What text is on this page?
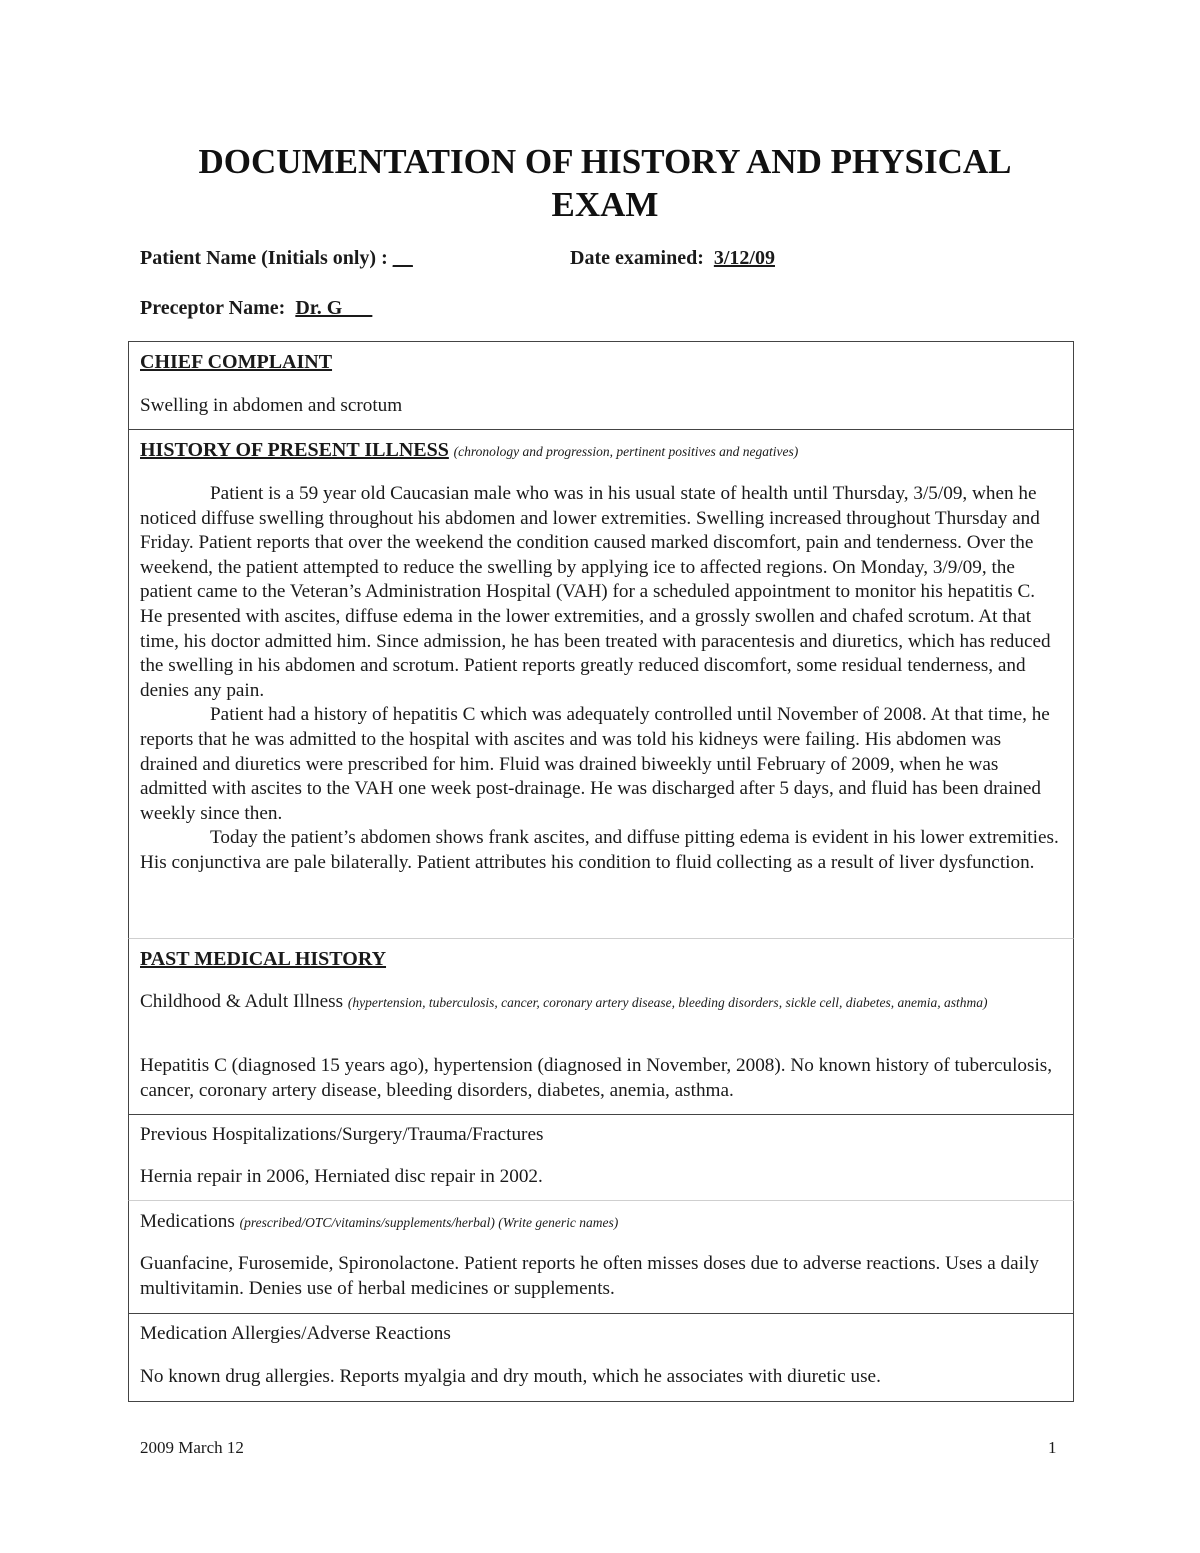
DOCUMENTATION OF HISTORY AND PHYSICAL EXAM
Patient Name (Initials only) : __	Date examined:  3/12/09
Preceptor Name:  Dr. G
CHIEF COMPLAINT
Swelling in abdomen and scrotum
HISTORY OF PRESENT ILLNESS (chronology and progression, pertinent positives and negatives)

Patient is a 59 year old Caucasian male who was in his usual state of health until Thursday, 3/5/09, when he noticed diffuse swelling throughout his abdomen and lower extremities. Swelling increased throughout Thursday and Friday. Patient reports that over the weekend the condition caused marked discomfort, pain and tenderness. Over the weekend, the patient attempted to reduce the swelling by applying ice to affected regions. On Monday, 3/9/09, the patient came to the Veteran’s Administration Hospital (VAH) for a scheduled appointment to monitor his hepatitis C. He presented with ascites, diffuse edema in the lower extremities, and a grossly swollen and chafed scrotum. At that time, his doctor admitted him. Since admission, he has been treated with paracentesis and diuretics, which has reduced the swelling in his abdomen and scrotum. Patient reports greatly reduced discomfort, some residual tenderness, and denies any pain.

Patient had a history of hepatitis C which was adequately controlled until November of 2008. At that time, he reports that he was admitted to the hospital with ascites and was told his kidneys were failing. His abdomen was drained and diuretics were prescribed for him. Fluid was drained biweekly until February of 2009, when he was admitted with ascites to the VAH one week post-drainage. He was discharged after 5 days, and fluid has been drained weekly since then.

Today the patient’s abdomen shows frank ascites, and diffuse pitting edema is evident in his lower extremities. His conjunctiva are pale bilaterally. Patient attributes his condition to fluid collecting as a result of liver dysfunction.

PAST MEDICAL HISTORY
Childhood & Adult Illness (hypertension, tuberculosis, cancer, coronary artery disease, bleeding disorders, sickle cell, diabetes, anemia, asthma)
Hepatitis C (diagnosed 15 years ago), hypertension (diagnosed in November, 2008). No known history of tuberculosis, cancer, coronary artery disease, bleeding disorders, diabetes, anemia, asthma.
Previous Hospitalizations/Surgery/Trauma/Fractures
Hernia repair in 2006, Herniated disc repair in 2002.
Medications (prescribed/OTC/vitamins/supplements/herbal) (Write generic names)
Guanfacine, Furosemide, Spironolactone. Patient reports he often misses doses due to adverse reactions. Uses a daily multivitamin. Denies use of herbal medicines or supplements.
Medication Allergies/Adverse Reactions
No known drug allergies. Reports myalgia and dry mouth, which he associates with diuretic use.
2009 March 12	1
